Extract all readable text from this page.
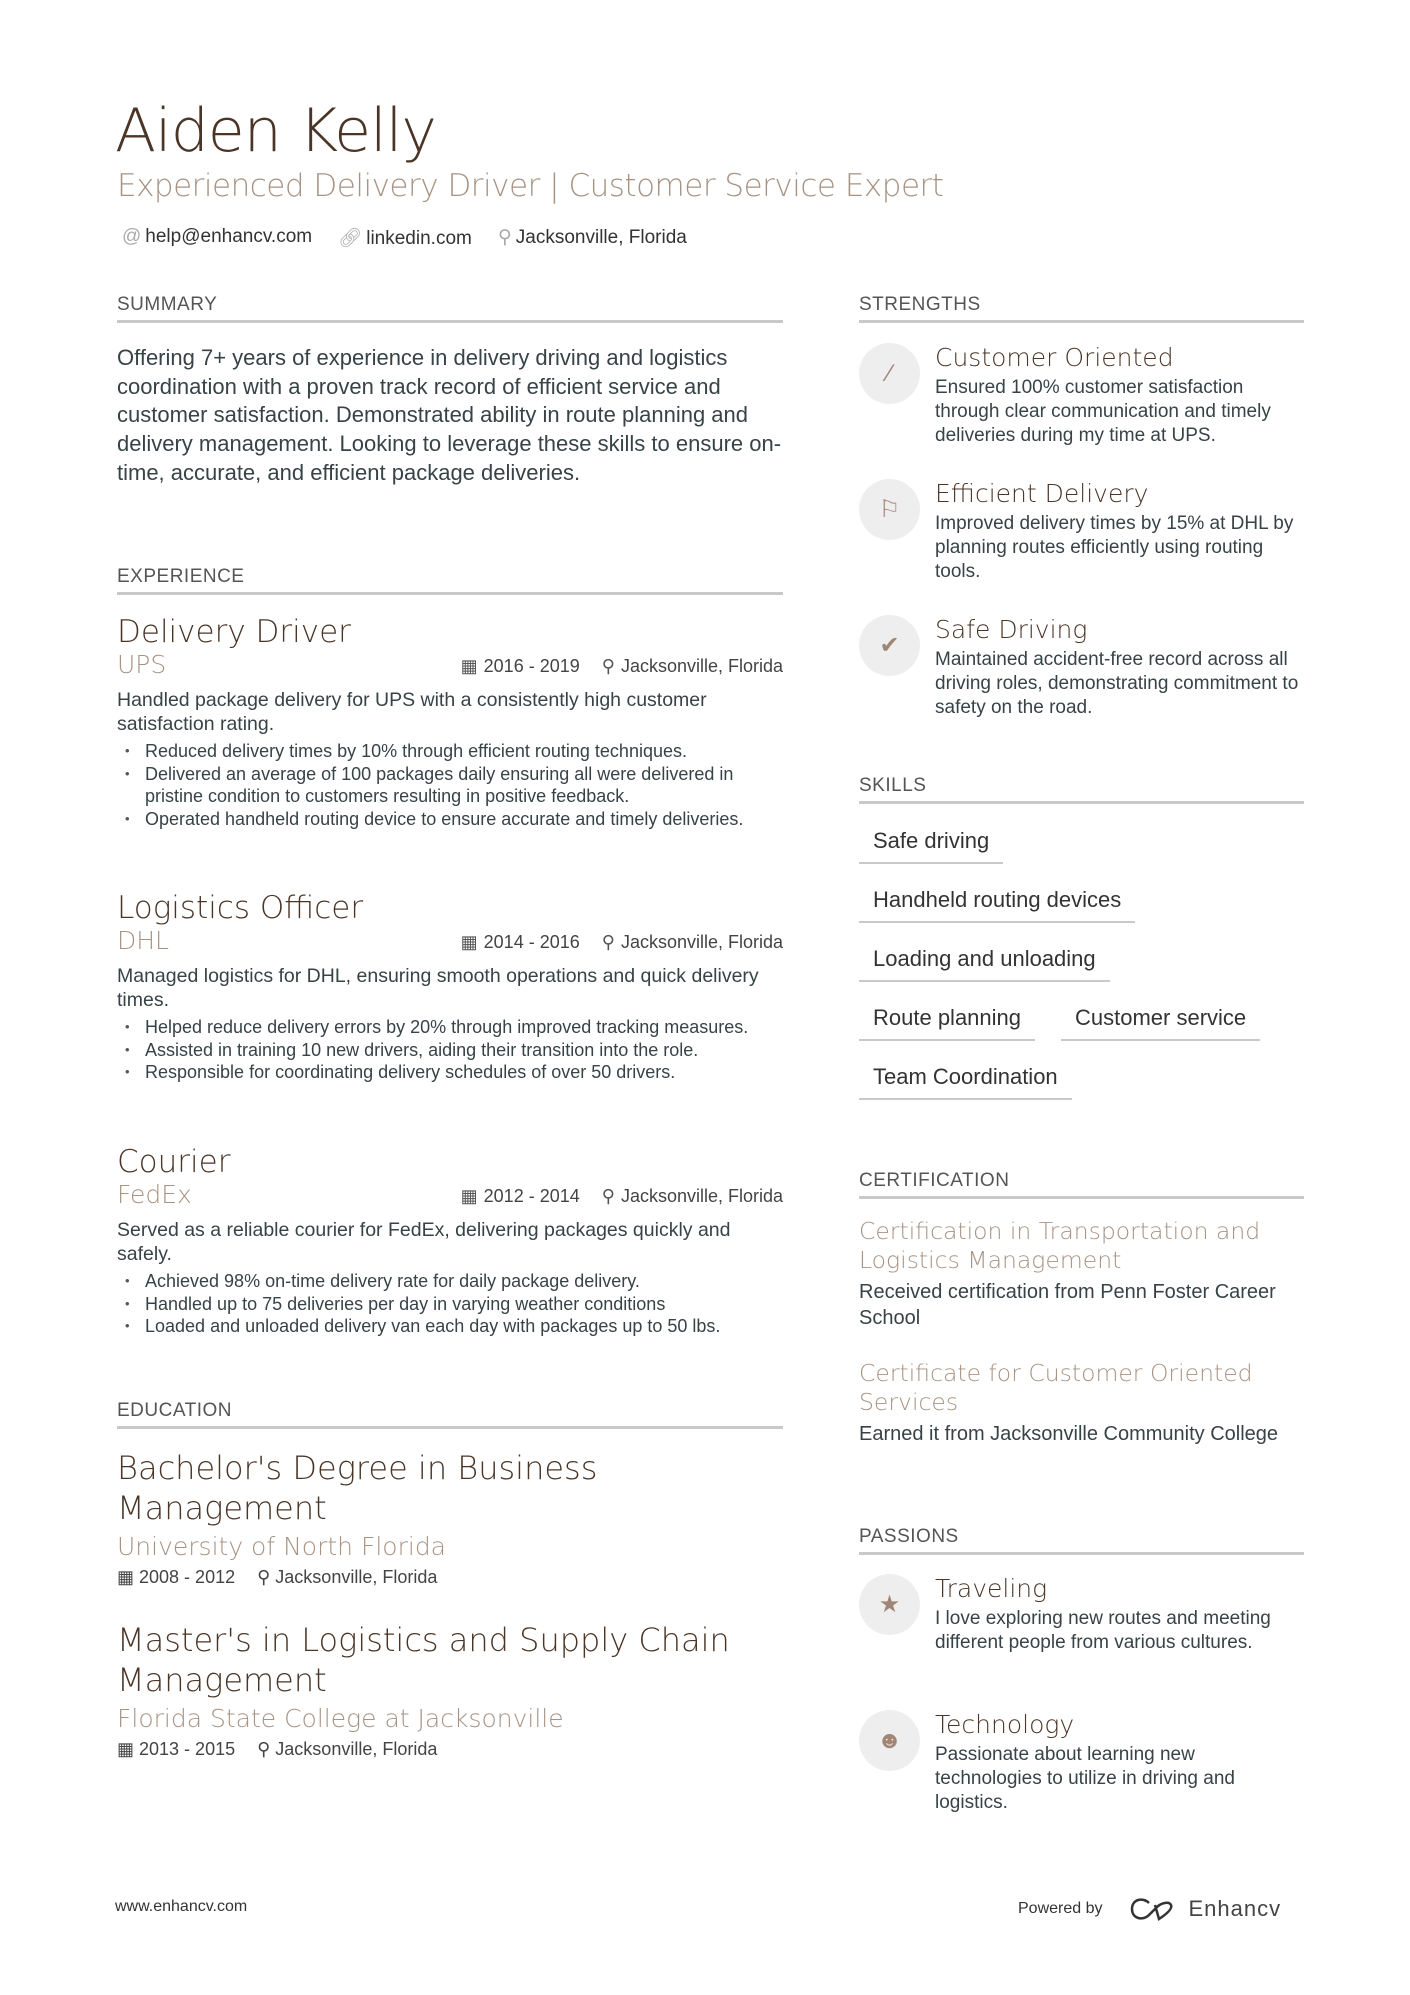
Aiden Kelly
Experienced Delivery Driver | Customer Service Expert
@ help@enhancv.com 🔗︎ linkedin.com ⚲ Jacksonville, Florida
SUMMARY
Offering 7+ years of experience in delivery driving and logistics coordination with a proven track record of efficient service and customer satisfaction. Demonstrated ability in route planning and delivery management. Looking to leverage these skills to ensure on-time, accurate, and efficient package deliveries.
EXPERIENCE
Delivery Driver
UPS	▦ 2016 - 2019 ⚲ Jacksonville, Florida
Handled package delivery for UPS with a consistently high customer satisfaction rating.
• Reduced delivery times by 10% through efficient routing techniques.
• Delivered an average of 100 packages daily ensuring all were delivered in pristine condition to customers resulting in positive feedback.
• Operated handheld routing device to ensure accurate and timely deliveries.
Logistics Officer
DHL	▦ 2014 - 2016 ⚲ Jacksonville, Florida
Managed logistics for DHL, ensuring smooth operations and quick delivery times.
• Helped reduce delivery errors by 20% through improved tracking measures.
• Assisted in training 10 new drivers, aiding their transition into the role.
• Responsible for coordinating delivery schedules of over 50 drivers.
Courier
FedEx	▦ 2012 - 2014 ⚲ Jacksonville, Florida
Served as a reliable courier for FedEx, delivering packages quickly and safely.
• Achieved 98% on-time delivery rate for daily package delivery.
• Handled up to 75 deliveries per day in varying weather conditions
• Loaded and unloaded delivery van each day with packages up to 50 lbs.
EDUCATION
Bachelor's Degree in Business Management
University of North Florida
▦ 2008 - 2012 ⚲ Jacksonville, Florida
Master's in Logistics and Supply Chain Management
Florida State College at Jacksonville
▦ 2013 - 2015 ⚲ Jacksonville, Florida
STRENGTHS
⁄
Customer Oriented
Ensured 100% customer satisfaction through clear communication and timely deliveries during my time at UPS.
⚐
Efficient Delivery
Improved delivery times by 15% at DHL by planning routes efficiently using routing tools.
✔
Safe Driving
Maintained accident-free record across all driving roles, demonstrating commitment to safety on the road.
SKILLS
Safe driving
Handheld routing devices
Loading and unloading
Route planning	Customer service
Team Coordination
CERTIFICATION
Certification in Transportation and Logistics Management
Received certification from Penn Foster Career School
Certificate for Customer Oriented Services
Earned it from Jacksonville Community College
PASSIONS
★
Traveling
I love exploring new routes and meeting different people from various cultures.
☻
Technology
Passionate about learning new technologies to utilize in driving and logistics.
www.enhancv.com	Powered by	Enhancv
